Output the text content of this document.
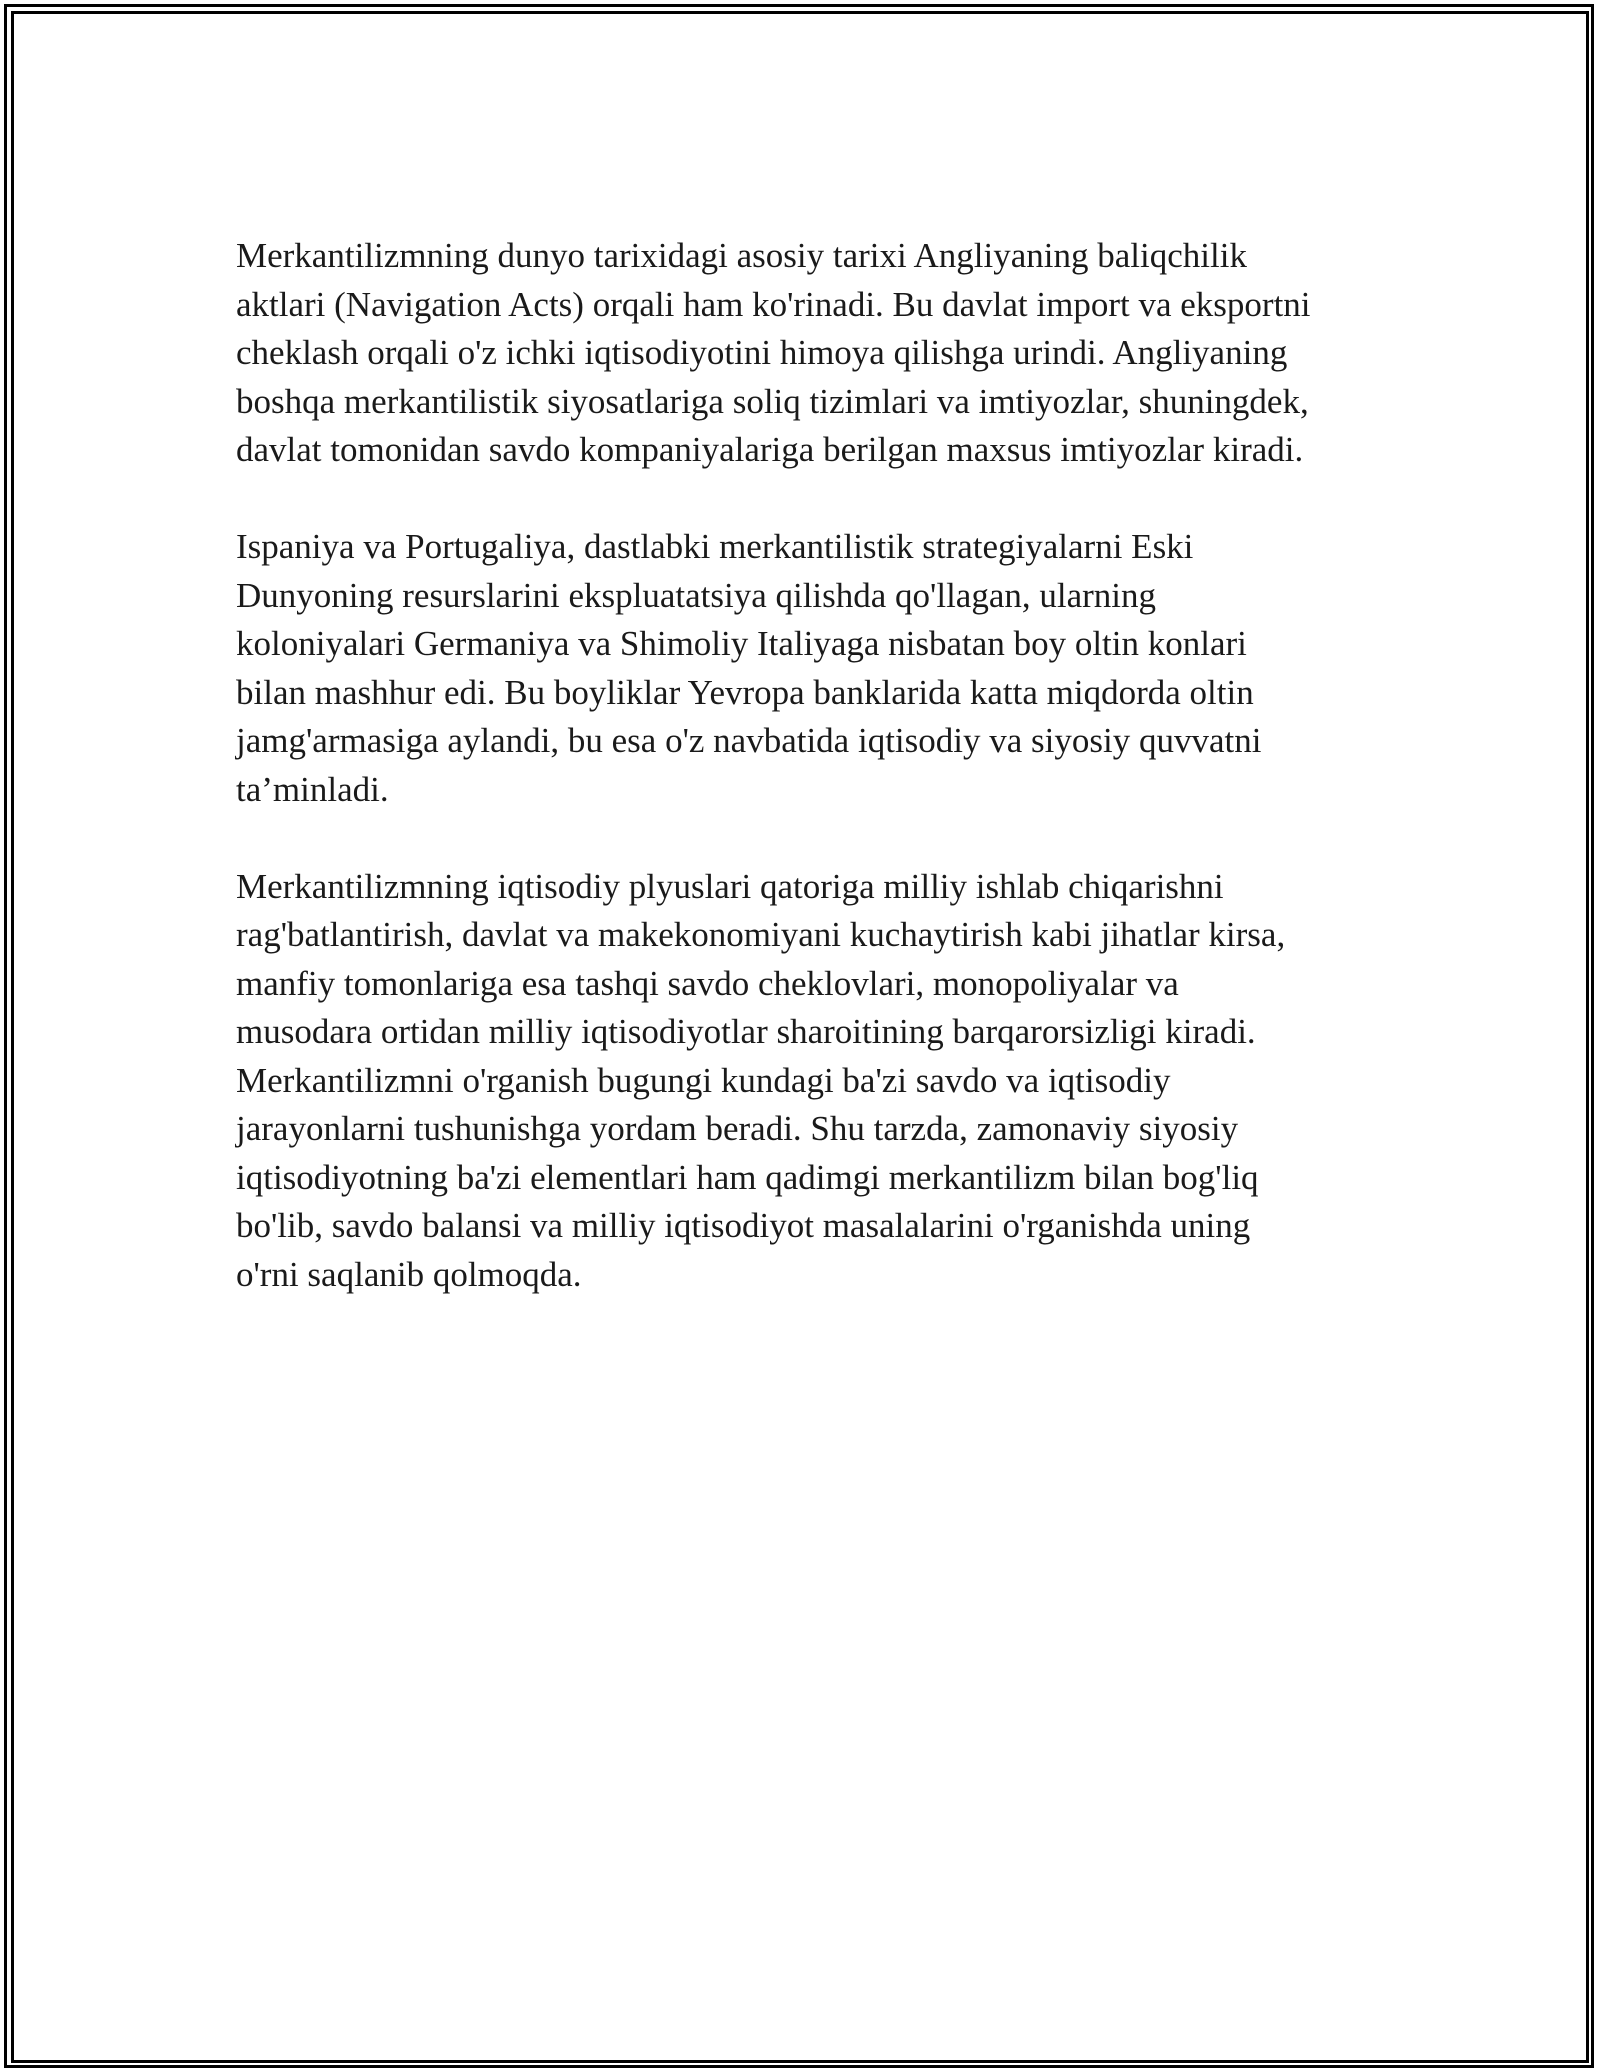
Merkantilizmning dunyo tarixidagi asosiy tarixi Angliyaning baliqchilik
aktlari (Navigation Acts) orqali ham ko'rinadi. Bu davlat import va eksportni
cheklash orqali o'z ichki iqtisodiyotini himoya qilishga urindi. Angliyaning
boshqa merkantilistik siyosatlariga soliq tizimlari va imtiyozlar, shuningdek,
davlat tomonidan savdo kompaniyalariga berilgan maxsus imtiyozlar kiradi.

Ispaniya va Portugaliya, dastlabki merkantilistik strategiyalarni Eski
Dunyoning resurslarini ekspluatatsiya qilishda qo'llagan, ularning
koloniyalari Germaniya va Shimoliy Italiyaga nisbatan boy oltin konlari
bilan mashhur edi. Bu boyliklar Yevropa banklarida katta miqdorda oltin
jamg'armasiga aylandi, bu esa o'z navbatida iqtisodiy va siyosiy quvvatni
ta’minladi.

Merkantilizmning iqtisodiy plyuslari qatoriga milliy ishlab chiqarishni
rag'batlantirish, davlat va makekonomiyani kuchaytirish kabi jihatlar kirsa,
manfiy tomonlariga esa tashqi savdo cheklovlari, monopoliyalar va
musodara ortidan milliy iqtisodiyotlar sharoitining barqarorsizligi kiradi.
Merkantilizmni o'rganish bugungi kundagi ba'zi savdo va iqtisodiy
jarayonlarni tushunishga yordam beradi. Shu tarzda, zamonaviy siyosiy
iqtisodiyotning ba'zi elementlari ham qadimgi merkantilizm bilan bog'liq
bo'lib, savdo balansi va milliy iqtisodiyot masalalarini o'rganishda uning
o'rni saqlanib qolmoqda.
